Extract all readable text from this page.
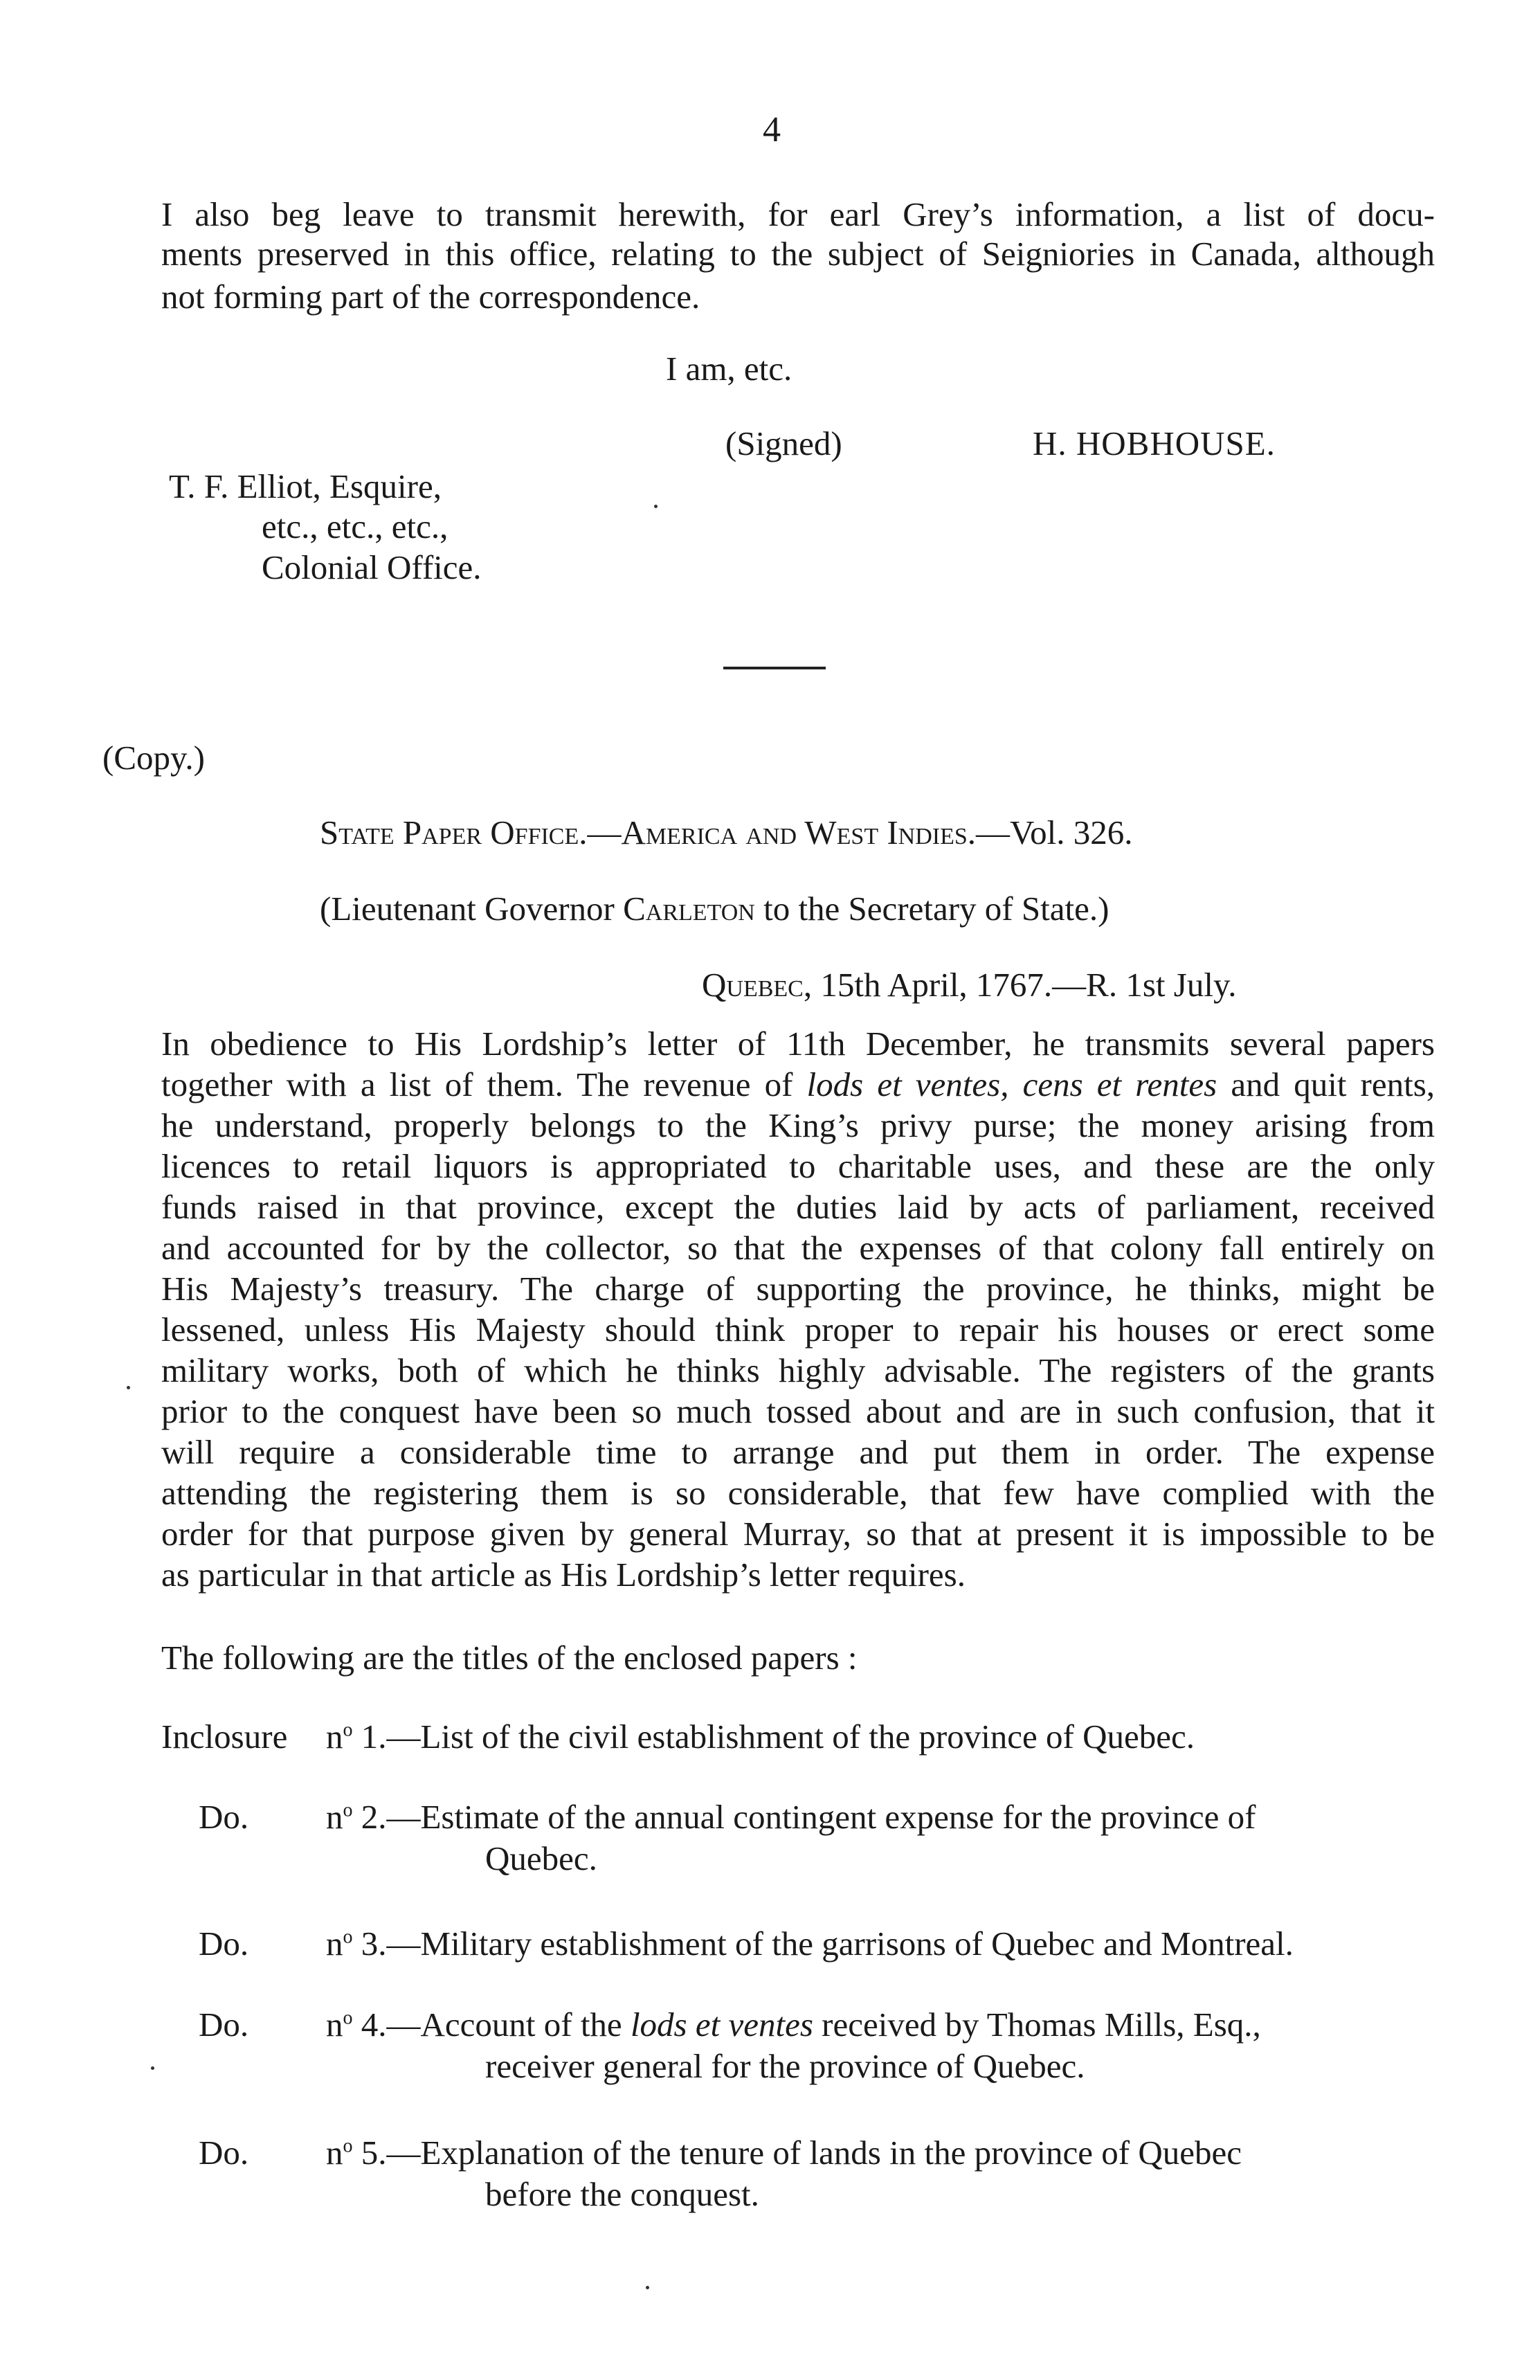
4
I also beg leave to transmit herewith, for earl Grey’s information, a list of docu-
ments preserved in this office, relating to the subject of Seigniories in Canada, although
not forming part of the correspondence.
I am, etc.
(Signed)	H. HOBHOUSE.
T. F. Elliot, Esquire,
etc., etc., etc.,
Colonial Office.
(Copy.)
State Paper Office.—America and West Indies.—Vol. 326.
(Lieutenant Governor Carleton to the Secretary of State.)
Quebec, 15th April, 1767.—R. 1st July.
In obedience to His Lordship’s letter of 11th December, he transmits several papers
together with a list of them. The revenue of lods et ventes, cens et rentes and quit rents,
he understand, properly belongs to the King’s privy purse; the money arising from
licences to retail liquors is appropriated to charitable uses, and these are the only
funds raised in that province, except the duties laid by acts of parliament, received
and accounted for by the collector, so that the expenses of that colony fall entirely on
His Majesty’s treasury. The charge of supporting the province, he thinks, might be
lessened, unless His Majesty should think proper to repair his houses or erect some
military works, both of which he thinks highly advisable. The registers of the grants
prior to the conquest have been so much tossed about and are in such confusion, that it
will require a considerable time to arrange and put them in order. The expense
attending the registering them is so considerable, that few have complied with the
order for that purpose given by general Murray, so that at present it is impossible to be
as particular in that article as His Lordship’s letter requires.
The following are the titles of the enclosed papers :
Inclosure $n^o$ 1.—List of the civil establishment of the province of Quebec.
Do. $n^o$ 2.—Estimate of the annual contingent expense for the province of
Quebec.
Do. $n^o$ 3.—Military establishment of the garrisons of Quebec and Montreal.
Do. $n^o$ 4.—Account of the lods et ventes received by Thomas Mills, Esq.,
receiver general for the province of Quebec.
Do. $n^o$ 5.—Explanation of the tenure of lands in the province of Quebec
before the conquest.
